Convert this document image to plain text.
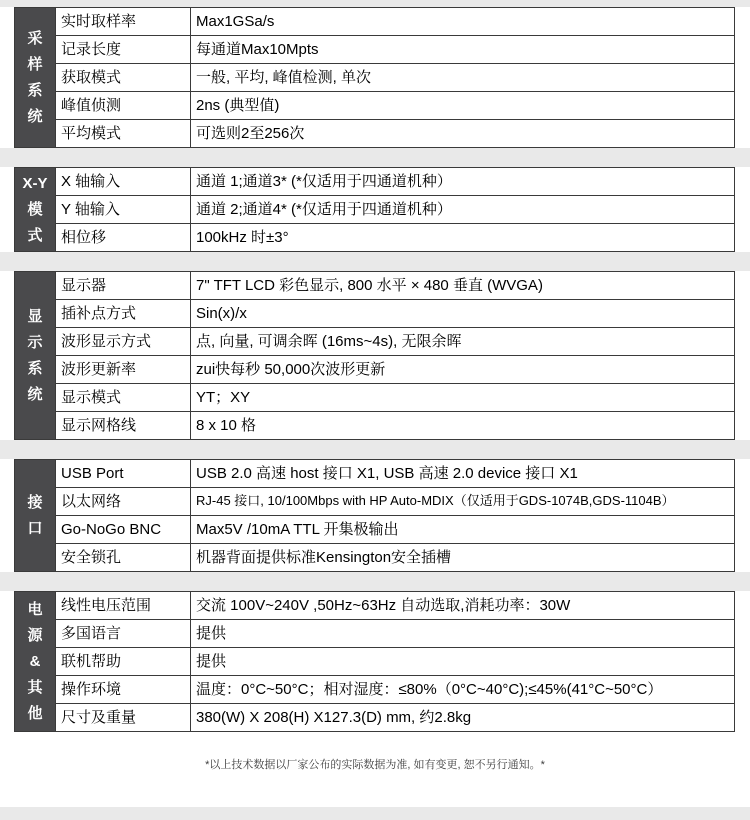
采
样
系
统	实时取样率	Max1GSa/s
	记录长度	每通道Max10Mpts
	获取模式	一般, 平均, 峰值检测, 单次
	峰值侦测	2ns (典型值)
	平均模式	可选则2至256次
X-Y
模
式	X 轴输入	通道 1;通道3* (*仅适用于四通道机种）
	Y 轴输入	通道 2;通道4* (*仅适用于四通道机种）
	相位移	100kHz 时±3°
显
示
系
统	显示器	7" TFT LCD 彩色显示, 800 水平 × 480 垂直 (WVGA)
	插补点方式	Sin(x)/x
	波形显示方式	点, 向量, 可调余晖 (16ms~4s), 无限余晖
	波形更新率	zui快每秒 50,000次波形更新
	显示模式	YT；XY
	显示网格线	8 x 10 格
接
口	USB Port	USB 2.0 高速 host 接口 X1, USB 高速 2.0 device 接口 X1
	以太网络	RJ-45 接口, 10/100Mbps with HP Auto-MDIX（仅适用于GDS-1074B,GDS-1104B）
	Go-NoGo BNC	Max5V /10mA TTL 开集极输出
	安全锁孔	机器背面提供标准Kensington安全插槽
电
源
&
其
他	线性电压范围	交流 100V~240V ,50Hz~63Hz 自动选取,消耗功率：30W
	多国语言	提供
	联机帮助	提供
	操作环境	温度：0°C~50°C；相对湿度：≤80%（0°C~40°C);≤45%(41°C~50°C）
	尺寸及重量	380(W) X 208(H) X127.3(D) mm, 约2.8kg
*以上技术数据以厂家公布的实际数据为准, 如有变更, 恕不另行通知。*
